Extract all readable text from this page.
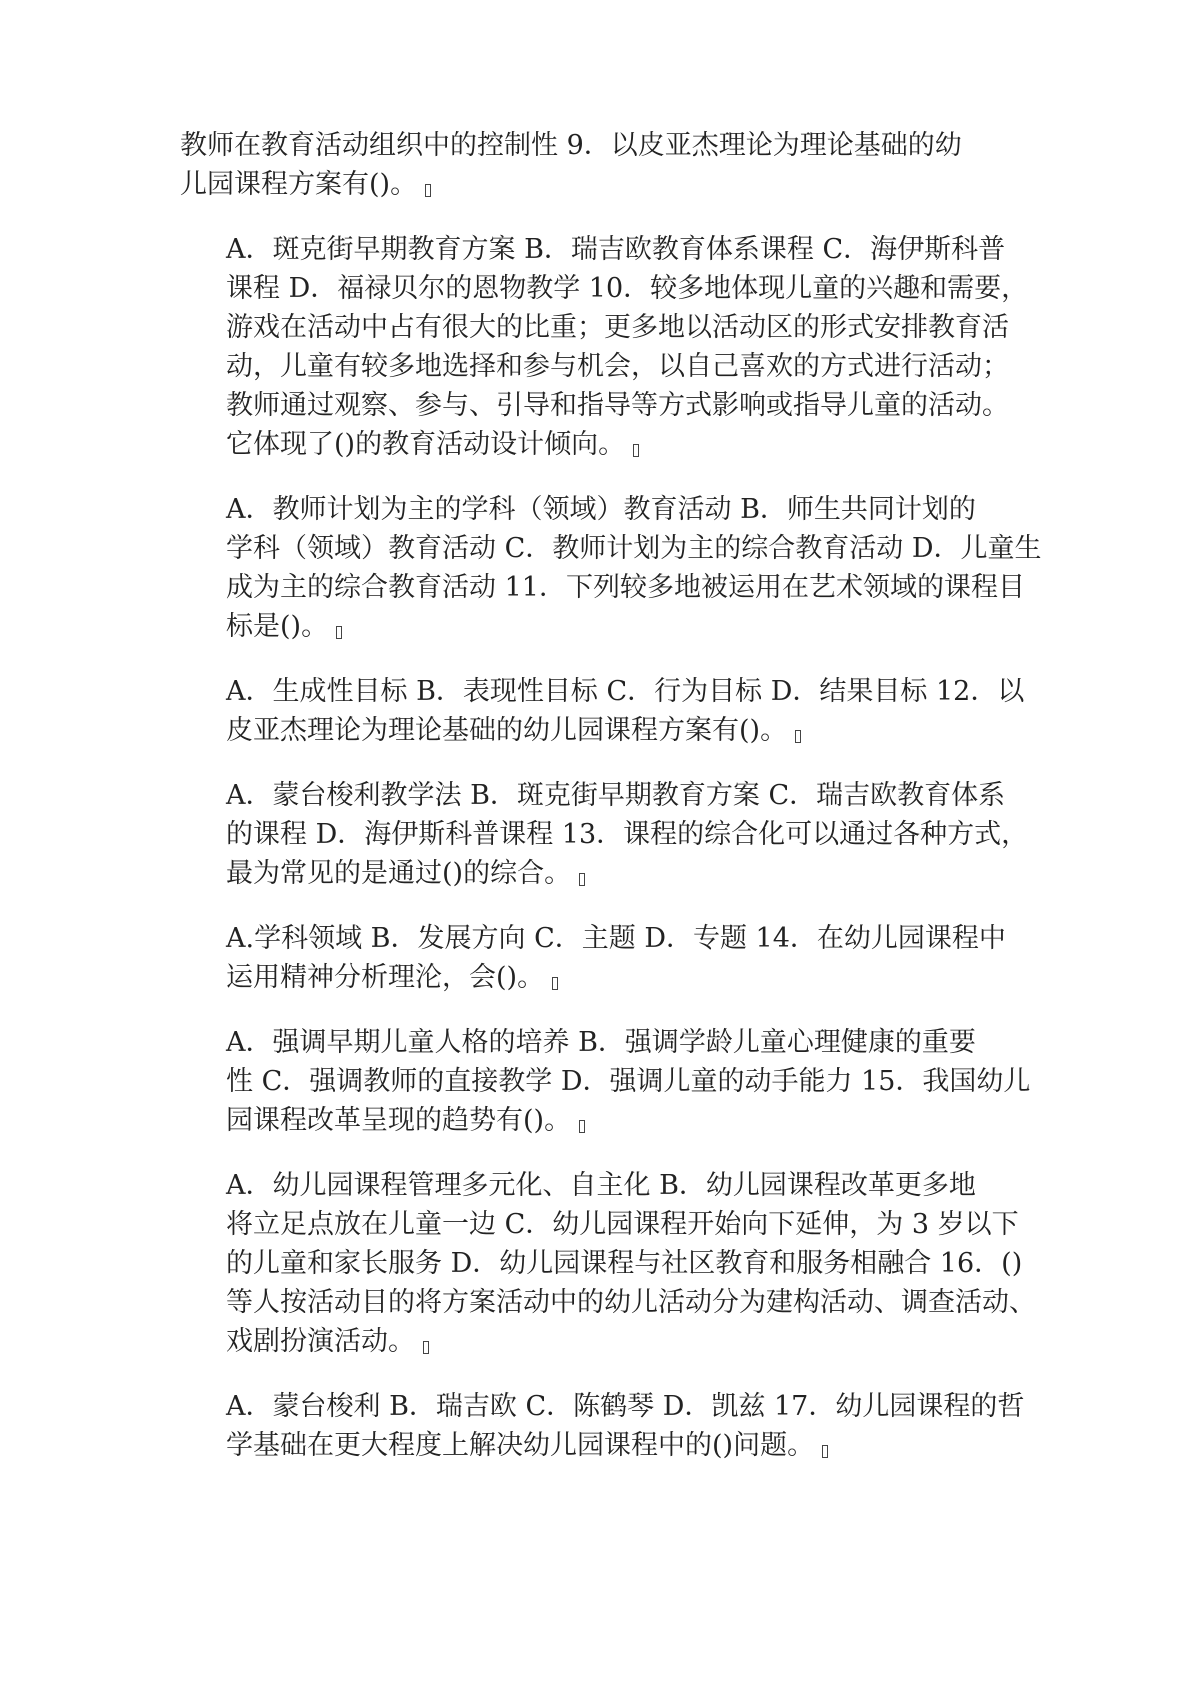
教师在教育活动组织中的控制性 9．以皮亚杰理论为理论基础的幼
儿园课程方案有()。
A．斑克街早期教育方案 B．瑞吉欧教育体系课程 C．海伊斯科普
课程 D．福禄贝尔的恩物教学 10．较多地体现儿童的兴趣和需要，
游戏在活动中占有很大的比重；更多地以活动区的形式安排教育活
动，儿童有较多地选择和参与机会，以自己喜欢的方式进行活动；
教师通过观察、参与、引导和指导等方式影响或指导儿童的活动。
它体现了()的教育活动设计倾向。
A．教师计划为主的学科（领域）教育活动 B．师生共同计划的
学科（领域）教育活动 C．教师计划为主的综合教育活动 D．儿童生
成为主的综合教育活动 11．下列较多地被运用在艺术领域的课程目
标是()。
A．生成性目标 B．表现性目标 C．行为目标 D．结果目标 12．以
皮亚杰理论为理论基础的幼儿园课程方案有()。
A．蒙台梭利教学法 B．斑克街早期教育方案 C．瑞吉欧教育体系
的课程 D．海伊斯科普课程 13．课程的综合化可以通过各种方式，
最为常见的是通过()的综合。
A.学科领域 B．发展方向 C．主题 D．专题 14．在幼儿园课程中
运用精神分析理沦，会()。
A．强调早期儿童人格的培养 B．强调学龄儿童心理健康的重要
性 C．强调教师的直接教学 D．强调儿童的动手能力 15．我国幼儿
园课程改革呈现的趋势有()。
A．幼儿园课程管理多元化、自主化 B．幼儿园课程改革更多地
将立足点放在儿童一边 C．幼儿园课程开始向下延伸，为 3 岁以下
的儿童和家长服务 D．幼儿园课程与社区教育和服务相融合 16．()
等人按活动目的将方案活动中的幼儿活动分为建构活动、调查活动、
戏剧扮演活动。
A．蒙台梭利 B．瑞吉欧 C．陈鹤琴 D．凯兹 17．幼儿园课程的哲
学基础在更大程度上解决幼儿园课程中的()问题。
